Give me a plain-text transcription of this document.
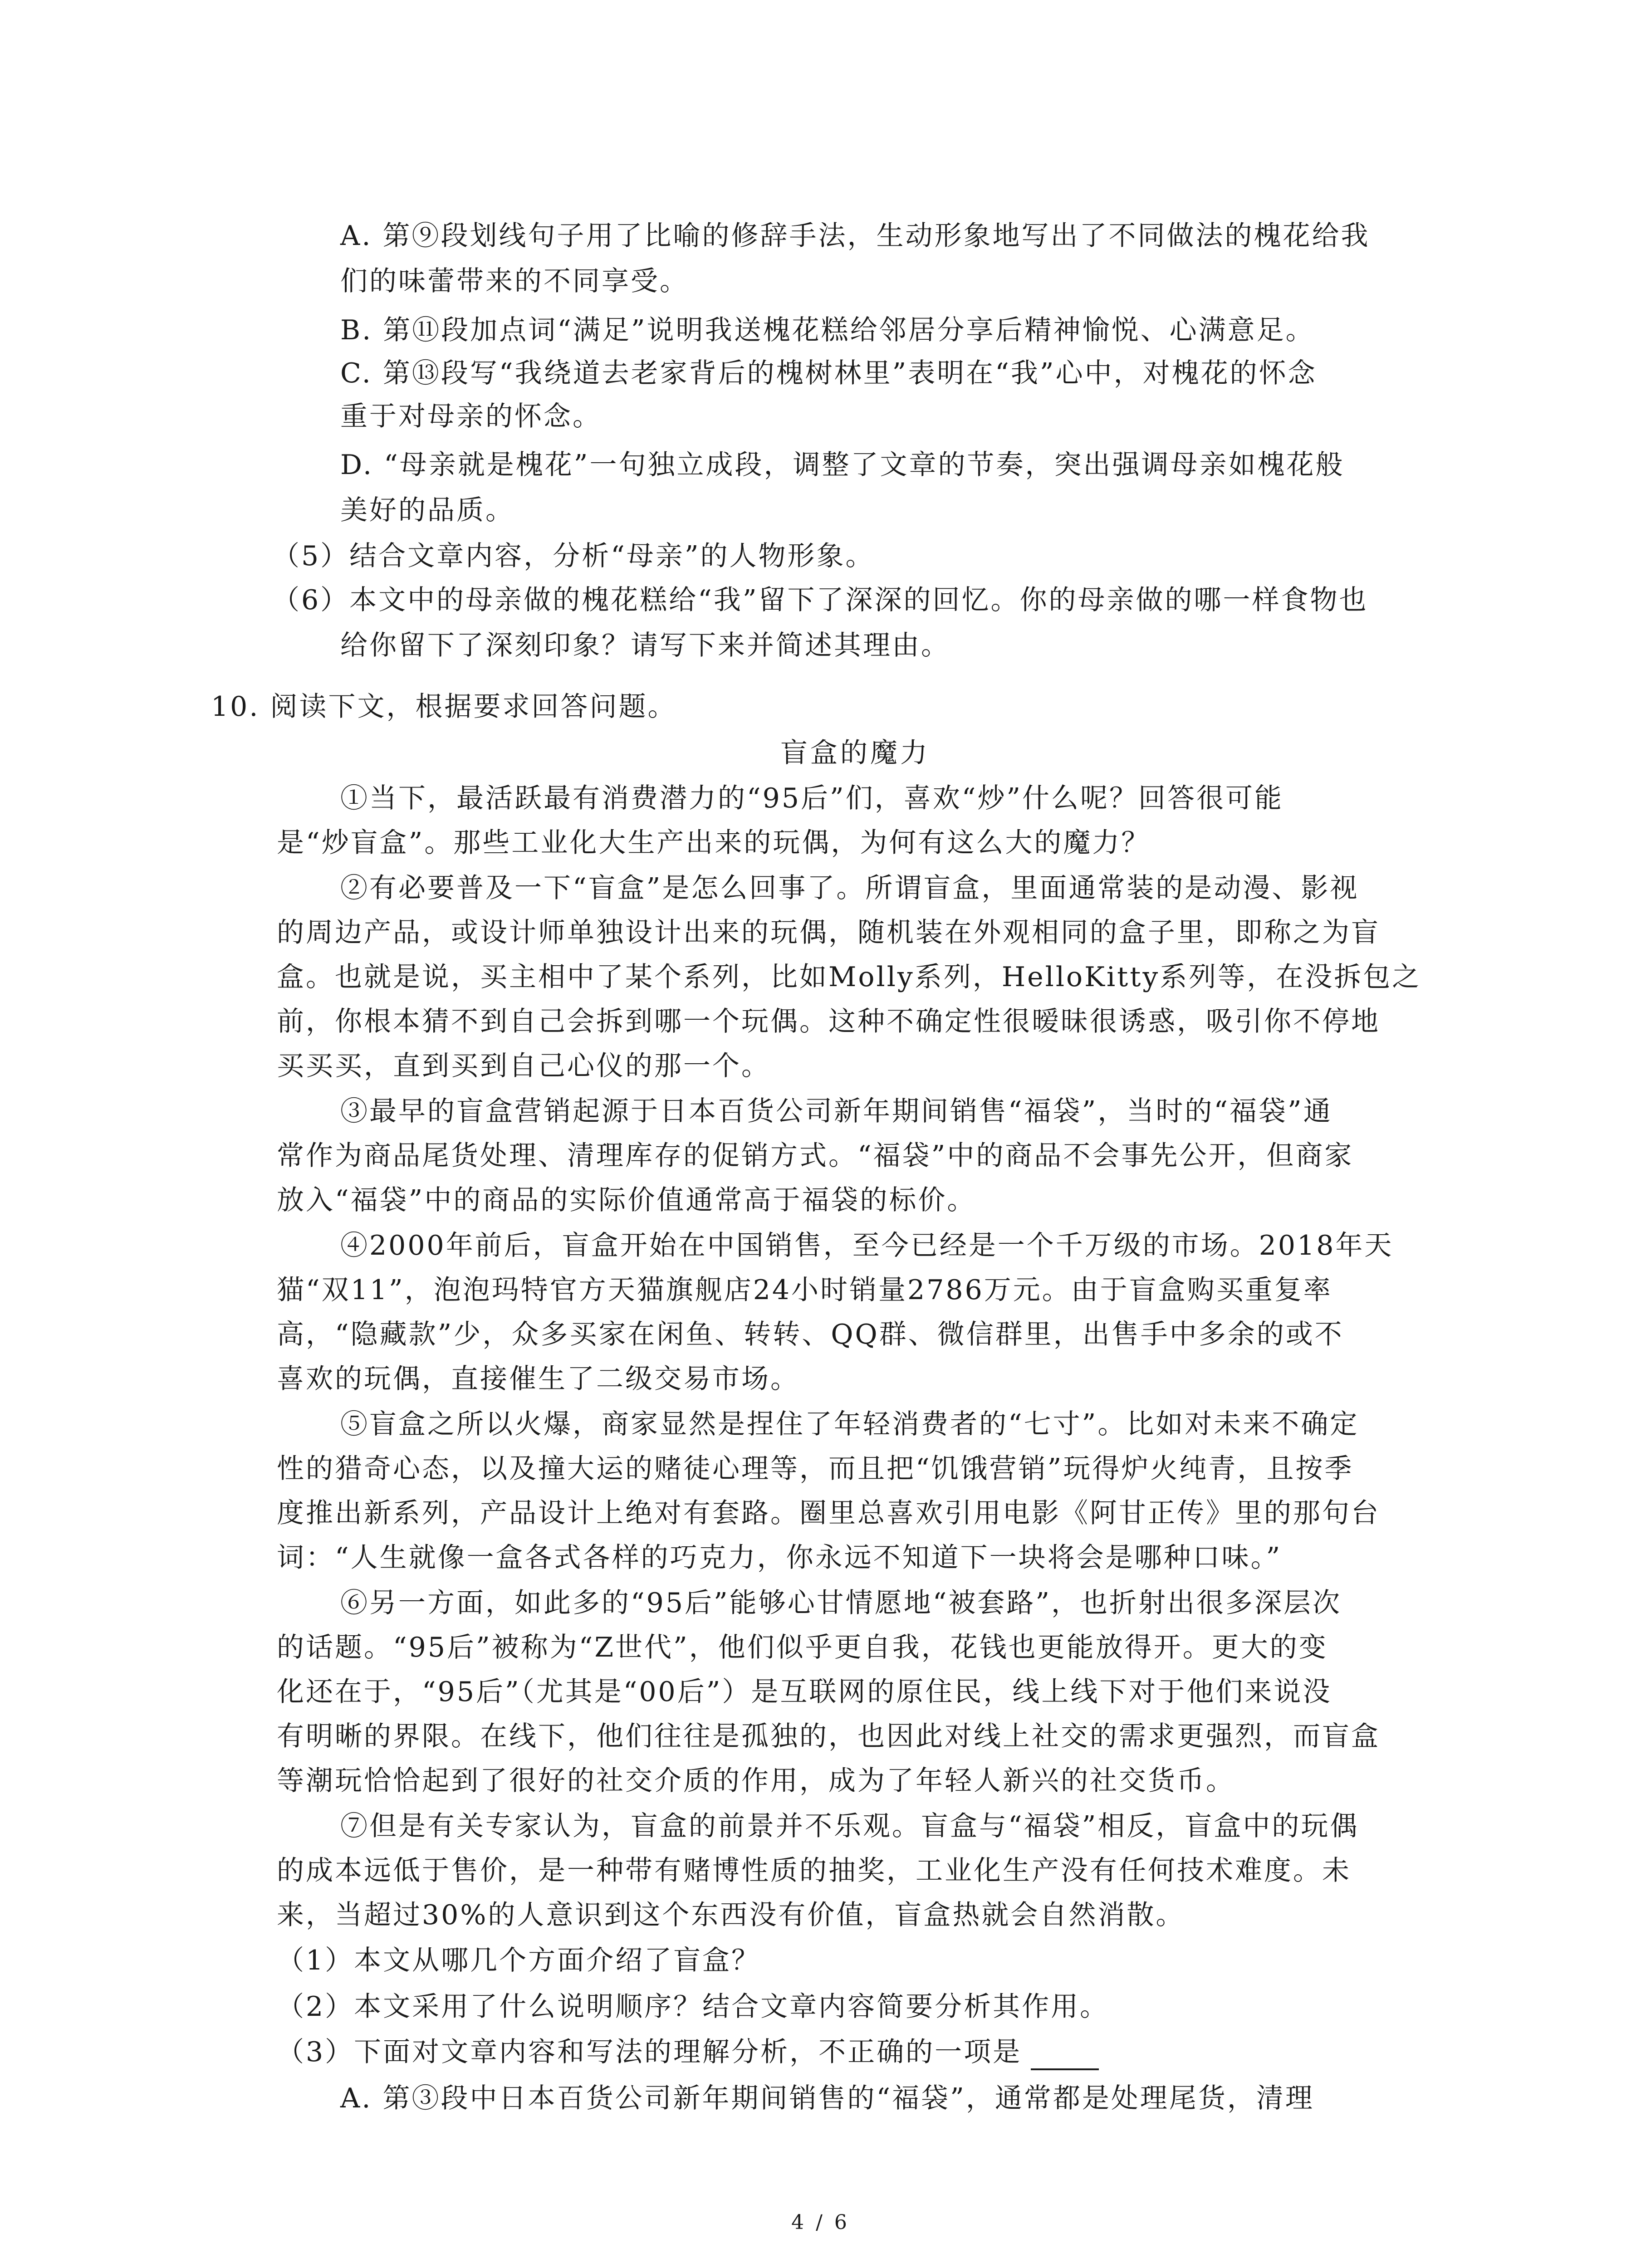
A. 第⑨段划线句子用了比喻的修辞手法，生动形象地写出了不同做法的槐花给我
们的味蕾带来的不同享受。
B. 第⑪段加点词“满足”说明我送槐花糕给邻居分享后精神愉悦、心满意足。
C. 第⑬段写“我绕道去老家背后的槐树林里”表明在“我”心中，对槐花的怀念
重于对母亲的怀念。
D. “母亲就是槐花”一句独立成段，调整了文章的节奏，突出强调母亲如槐花般
美好的品质。
（5）结合文章内容，分析“母亲”的人物形象。
（6）本文中的母亲做的槐花糕给“我”留下了深深的回忆。你的母亲做的哪一样食物也
给你留下了深刻印象？请写下来并简述其理由。
10. 阅读下文，根据要求回答问题。
盲盒的魔力
①当下，最活跃最有消费潜力的“95后”们，喜欢“炒”什么呢？回答很可能
是“炒盲盒”。那些工业化大生产出来的玩偶，为何有这么大的魔力？
②有必要普及一下“盲盒”是怎么回事了。所谓盲盒，里面通常装的是动漫、影视
的周边产品，或设计师单独设计出来的玩偶，随机装在外观相同的盒子里，即称之为盲
盒。也就是说，买主相中了某个系列，比如Molly系列，HelloKitty系列等，在没拆包之
前，你根本猜不到自己会拆到哪一个玩偶。这种不确定性很暧昧很诱惑，吸引你不停地
买买买，直到买到自己心仪的那一个。
③最早的盲盒营销起源于日本百货公司新年期间销售“福袋”，当时的“福袋”通
常作为商品尾货处理、清理库存的促销方式。“福袋”中的商品不会事先公开，但商家
放入“福袋”中的商品的实际价值通常高于福袋的标价。
④2000年前后，盲盒开始在中国销售，至今已经是一个千万级的市场。2018年天
猫“双11”，泡泡玛特官方天猫旗舰店24小时销量2786万元。由于盲盒购买重复率
高，“隐藏款”少，众多买家在闲鱼、转转、QQ群、微信群里，出售手中多余的或不
喜欢的玩偶，直接催生了二级交易市场。
⑤盲盒之所以火爆，商家显然是捏住了年轻消费者的“七寸”。比如对未来不确定
性的猎奇心态，以及撞大运的赌徒心理等，而且把“饥饿营销”玩得炉火纯青，且按季
度推出新系列，产品设计上绝对有套路。圈里总喜欢引用电影《阿甘正传》里的那句台
词：“人生就像一盒各式各样的巧克力，你永远不知道下一块将会是哪种口味。”
⑥另一方面，如此多的“95后”能够心甘情愿地“被套路”，也折射出很多深层次
的话题。“95后”被称为“Z世代”，他们似乎更自我，花钱也更能放得开。更大的变
化还在于，“95后”（尤其是“00后”）是互联网的原住民，线上线下对于他们来说没
有明晰的界限。在线下，他们往往是孤独的，也因此对线上社交的需求更强烈，而盲盒
等潮玩恰恰起到了很好的社交介质的作用，成为了年轻人新兴的社交货币。
⑦但是有关专家认为，盲盒的前景并不乐观。盲盒与“福袋”相反，盲盒中的玩偶
的成本远低于售价，是一种带有赌博性质的抽奖，工业化生产没有任何技术难度。未
来，当超过30%的人意识到这个东西没有价值，盲盒热就会自然消散。
（1）本文从哪几个方面介绍了盲盒？
（2）本文采用了什么说明顺序？结合文章内容简要分析其作用。
（3）下面对文章内容和写法的理解分析，不正确的一项是
A. 第③段中日本百货公司新年期间销售的“福袋”，通常都是处理尾货，清理
4 / 6
